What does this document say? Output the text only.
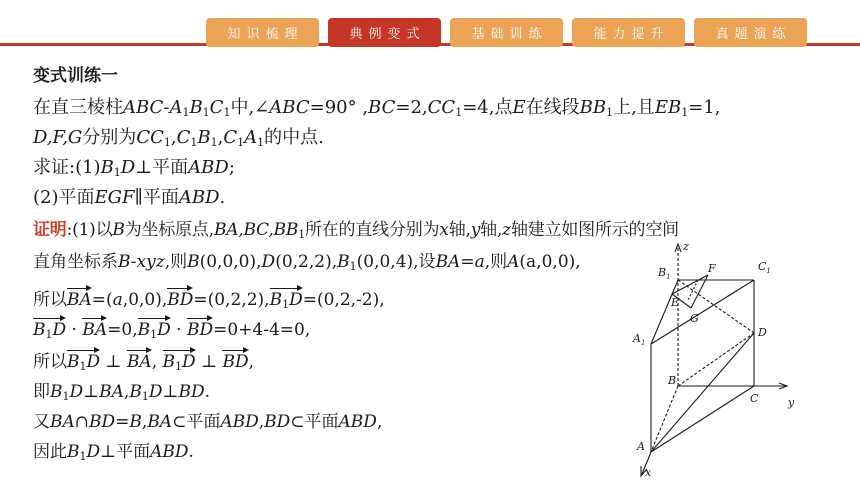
知识梳理	典例变式	基础训练	能力提升	真题演练
变式训练一
在直三棱柱ABC-$A_1B_1C_1$中,∠ABC=90° $,BC=2,CC_1=4$,点E在线段$BB_1$上,且$EB_1=1$,
D,F,G分别为$CC_1,C_1B_1,C_1A_1$的中点.
求证$:(1)B_1D\perp$平面ABD;
(2)平面EGF∥平面ABD.
证明:(1)以B为坐标原点$,BA,BC,BB_1$所在的直线分别为x轴,y轴,z轴建立如图所示的空间
直角坐标系B-xyz,则$B(0,0,0),D(0,2,2),B_1(0,0,4)$,设BA=a,则A(a,0,0),
所以$BA=(a,0,0),BD=(0,2,2),B_1D=(0,2,-2)$,
$B_1D \cdot BA=0,B_1D \cdot BD=0+4-4=0$,
所以$B_1D$ ⊥ BA, $B_1D$ ⊥ BD,
即$B_1D\perp BA,B_1D\perp BD$.
又BA∩BD=B,BA⊂平面ABD,BD⊂平面ABD,
因此$B_1D\perp$平面ABD.
z
y
x
$B_1$
$C_1$
$A_1$
F
E
G
D
B
C
A
